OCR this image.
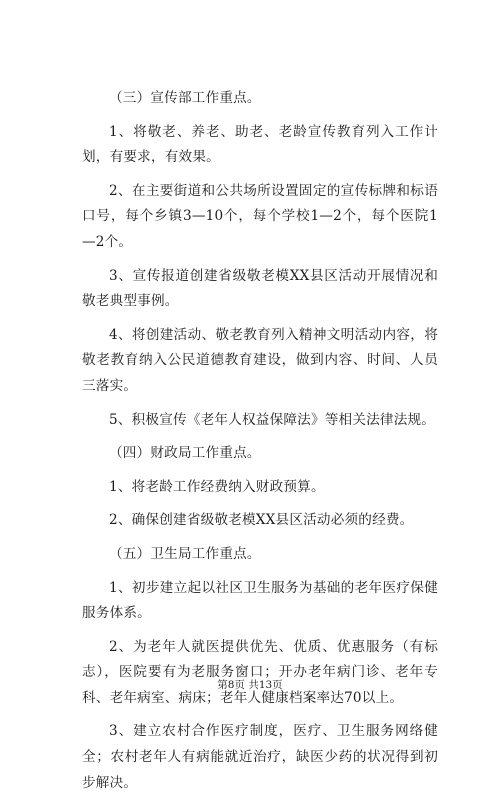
（三）宣传部工作重点。

1、将敬老、养老、助老、老龄宣传教育列入工作计划，有要求，有效果。

2、在主要街道和公共场所设置固定的宣传标牌和标语口号，每个乡镇3—10个，每个学校1—2个，每个医院1—2个。

3、宣传报道创建省级敬老模XX县区活动开展情况和敬老典型事例。

4、将创建活动、敬老教育列入精神文明活动内容，将敬老教育纳入公民道德教育建设，做到内容、时间、人员三落实。

5、积极宣传《老年人权益保障法》等相关法律法规。

（四）财政局工作重点。

1、将老龄工作经费纳入财政预算。

2、确保创建省级敬老模XX县区活动必须的经费。

（五）卫生局工作重点。

1、初步建立起以社区卫生服务为基础的老年医疗保健服务体系。

2、为老年人就医提供优先、优质、优惠服务（有标志），医院要有为老服务窗口；开办老年病门诊、老年专科、老年病室、病床；老年人健康档案率达70以上。

3、建立农村合作医疗制度，医疗、卫生服务网络健全；农村老年人有病能就近治疗，缺医少药的状况得到初步解决。

第8页 共13页
